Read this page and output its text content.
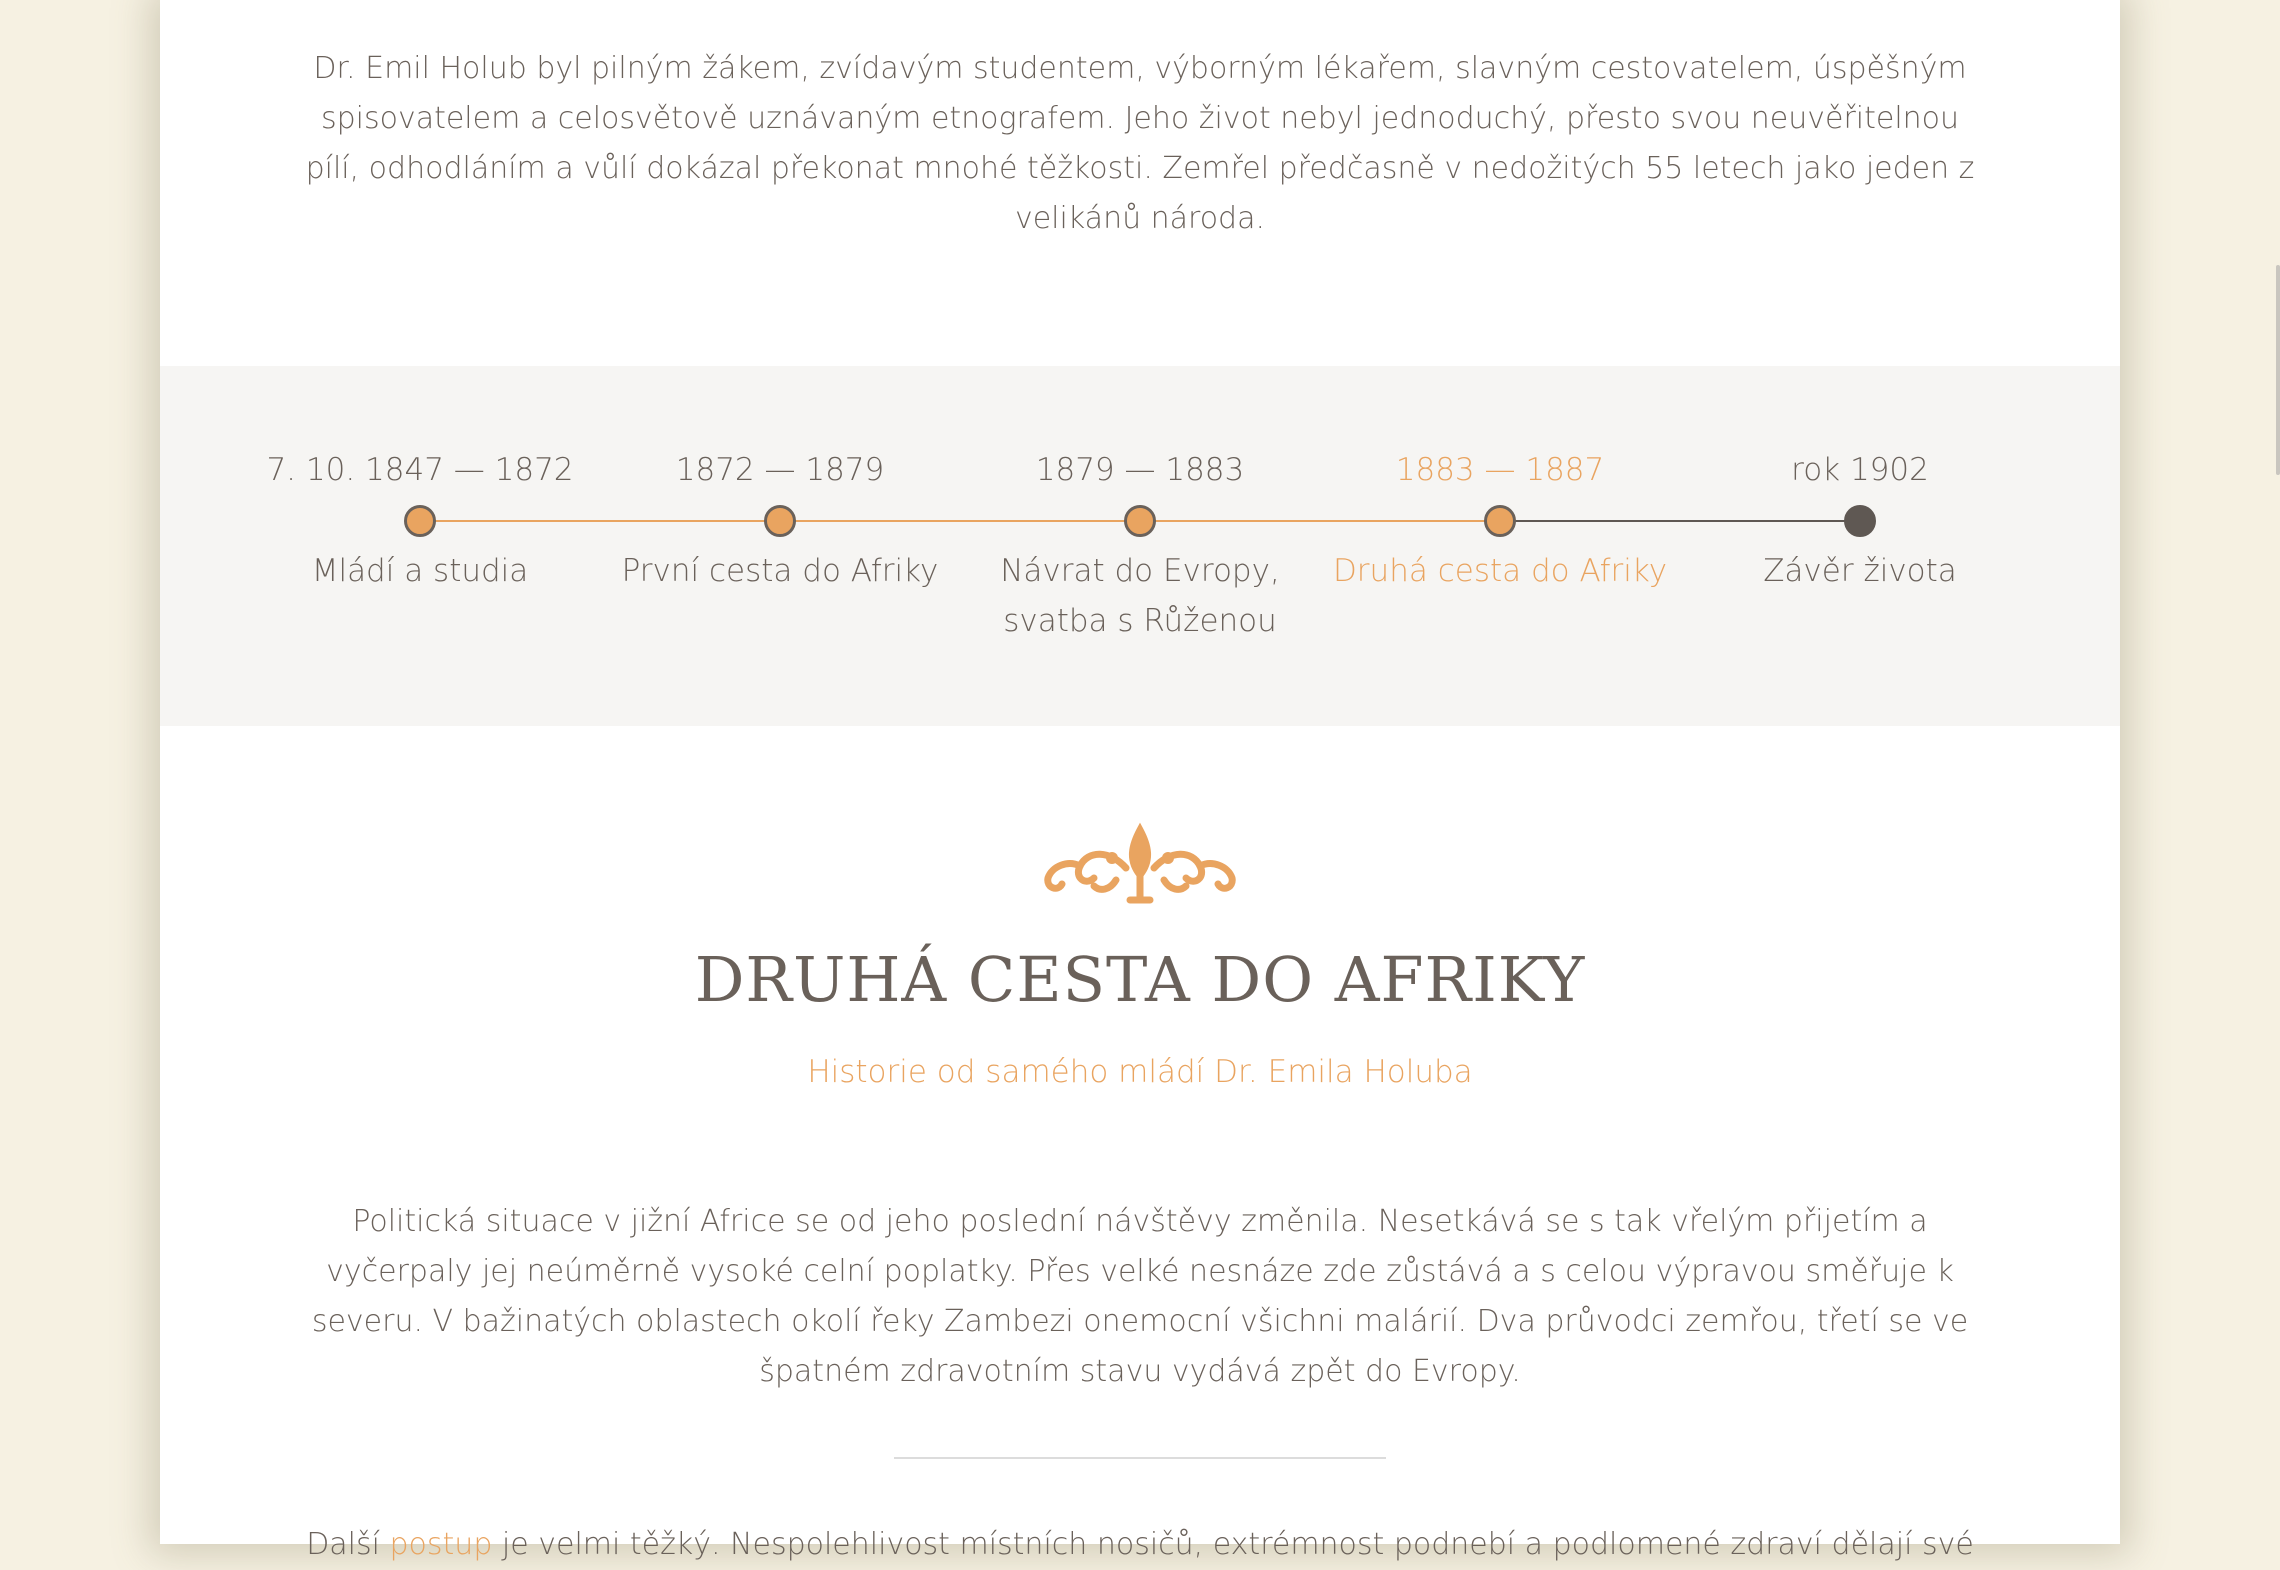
Dr. Emil Holub byl pilným žákem, zvídavým studentem, výborným lékařem, slavným cestovatelem, úspěšným spisovatelem a celosvětově uznávaným etnografem. Jeho život nebyl jednoduchý, přesto svou neuvěřitelnou pílí, odhodláním a vůlí dokázal překonat mnohé těžkosti. Zemřel předčasně v nedožitých 55 letech jako jeden z velikánů národa.

7. 10. 1847 — 1872
Mládí a studia
1872 — 1879
První cesta do Afriky
1879 — 1883
Návrat do Evropy, svatba s Růženou
1883 — 1887
Druhá cesta do Afriky
rok 1902
Závěr života
DRUHÁ CESTA DO AFRIKY
Historie od samého mládí Dr. Emila Holuba

Politická situace v jižní Africe se od jeho poslední návštěvy změnila. Nesetkává se s tak vřelým přijetím a vyčerpaly jej neúměrně vysoké celní poplatky. Přes velké nesnáze zde zůstává a s celou výpravou směřuje k severu. V bažinatých oblastech okolí řeky Zambezi onemocní všichni malárií. Dva průvodci zemřou, třetí se ve špatném zdravotním stavu vydává zpět do Evropy.

Další postup je velmi těžký. Nespolehlivost místních nosičů, extrémnost podnebí a podlomené zdraví dělají své
